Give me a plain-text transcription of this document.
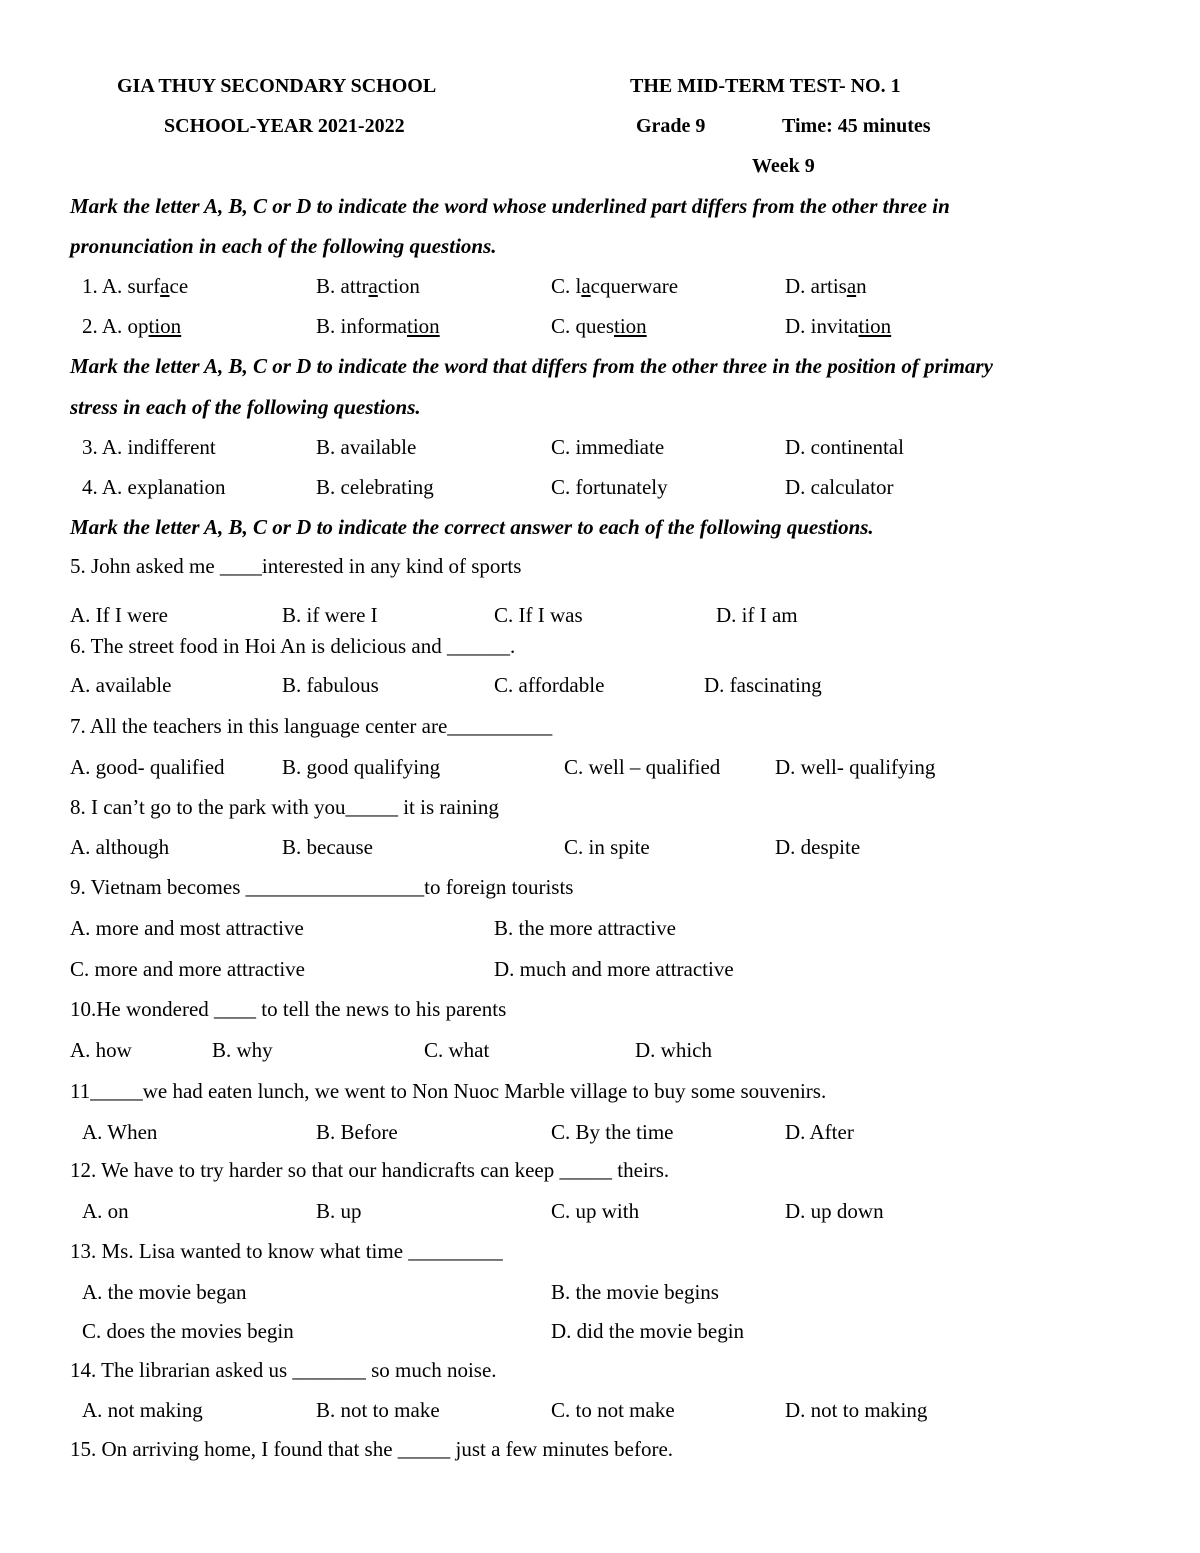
GIA THUY SECONDARY SCHOOL	THE MID-TERM TEST- NO. 1
SCHOOL-YEAR 2021-2022	Grade 9	Time: 45 minutes
Week 9
Mark the letter A, B, C or D to indicate the word whose underlined part differs from the other three in
pronunciation in each of the following questions.
1. A. surface	B. attraction	C. lacquerware	D. artisan
2. A. option	B. information	C. question	D. invitation
Mark the letter A, B, C or D to indicate the word that differs from the other three in the position of primary
stress in each of the following questions.
3. A. indifferent	B. available	C. immediate	D. continental
4. A. explanation	B. celebrating	C. fortunately	D. calculator
Mark the letter A, B, C or D to indicate the correct answer to each of the following questions.
5. John asked me ____interested in any kind of sports
A. If I were	B. if were I	C. If I was	D. if I am
6. The street food in Hoi An is delicious and ______.
A. available	B. fabulous	C. affordable	D. fascinating
7. All the teachers in this language center are__________
A. good- qualified	B. good qualifying	C. well – qualified	D. well- qualifying
8. I can’t go to the park with you_____ it is raining
A. although	B. because	C. in spite	D. despite
9. Vietnam becomes _________________to foreign tourists
A. more and most attractive	B. the more attractive
C. more and more attractive	D. much and more attractive
10.He wondered ____ to tell the news to his parents
A. how	B. why	C. what	D. which
11_____we had eaten lunch, we went to Non Nuoc Marble village to buy some souvenirs.
A. When	B. Before	C. By the time	D. After
12. We have to try harder so that our handicrafts can keep _____ theirs.
A. on	B. up	C. up with	D. up down
13. Ms. Lisa wanted to know what time _________
A. the movie began	B. the movie begins
C. does the movies begin	D. did the movie begin
14. The librarian asked us _______ so much noise.
A. not making	B. not to make	C. to not make	D. not to making
15. On arriving home, I found that she _____ just a few minutes before.
